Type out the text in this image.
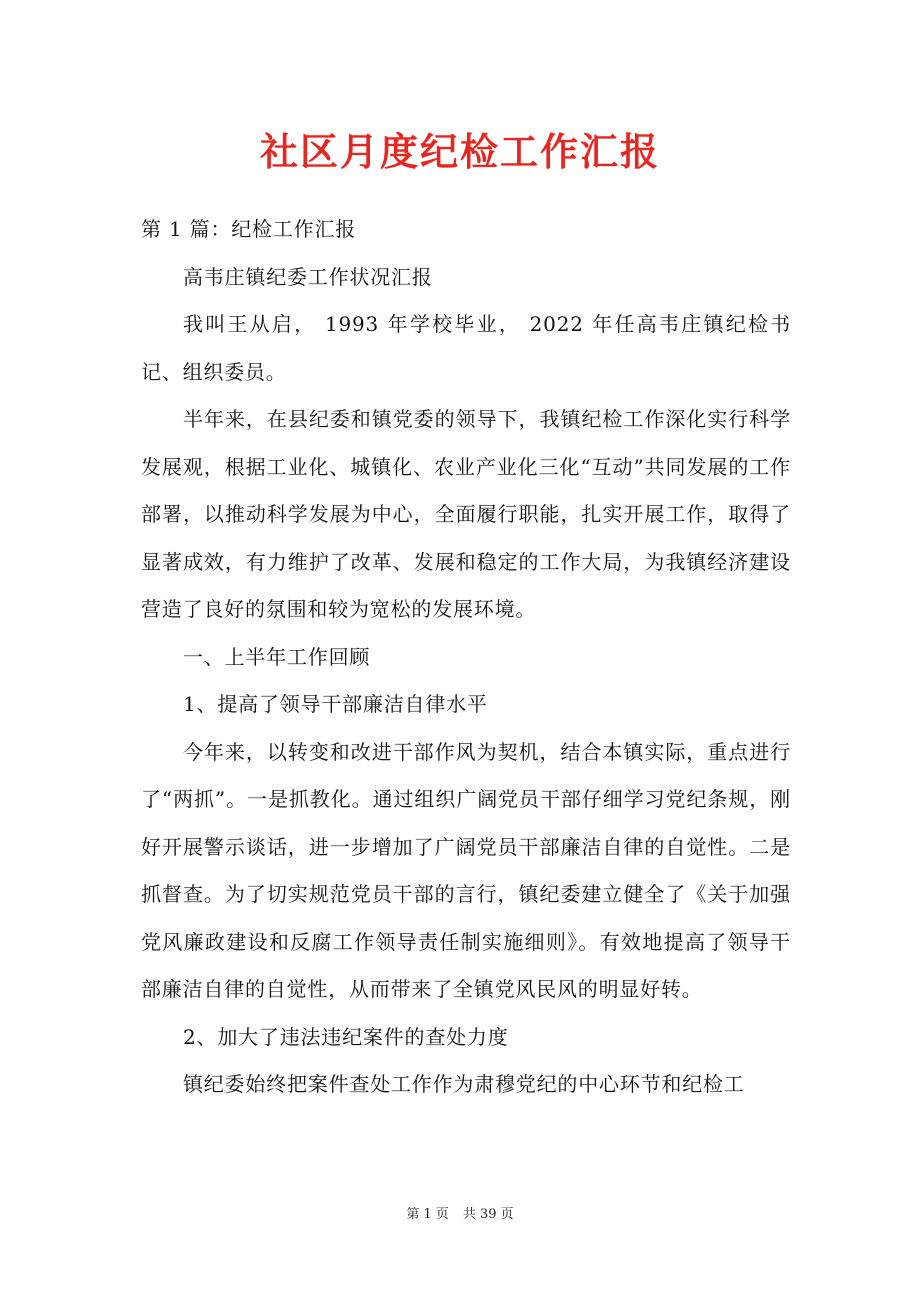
社区月度纪检工作汇报

第 1 篇：纪检工作汇报

高韦庄镇纪委工作状况汇报

我叫王从启， 1993 年学校毕业， 2022 年任高韦庄镇纪检书记、组织委员。

半年来，在县纪委和镇党委的领导下，我镇纪检工作深化实行科学发展观，根据工业化、城镇化、农业产业化三化“互动”共同发展的工作部署，以推动科学发展为中心，全面履行职能，扎实开展工作，取得了显著成效，有力维护了改革、发展和稳定的工作大局，为我镇经济建设营造了良好的氛围和较为宽松的发展环境。

一、上半年工作回顾

1、提高了领导干部廉洁自律水平

今年来，以转变和改进干部作风为契机，结合本镇实际，重点进行了“两抓”。一是抓教化。通过组织广阔党员干部仔细学习党纪条规，刚好开展警示谈话，进一步增加了广阔党员干部廉洁自律的自觉性。二是抓督查。为了切实规范党员干部的言行，镇纪委建立健全了《关于加强党风廉政建设和反腐工作领导责任制实施细则》。有效地提高了领导干部廉洁自律的自觉性，从而带来了全镇党风民风的明显好转。

2、加大了违法违纪案件的查处力度

镇纪委始终把案件查处工作作为肃穆党纪的中心环节和纪检工

第 1 页 共 39 页
